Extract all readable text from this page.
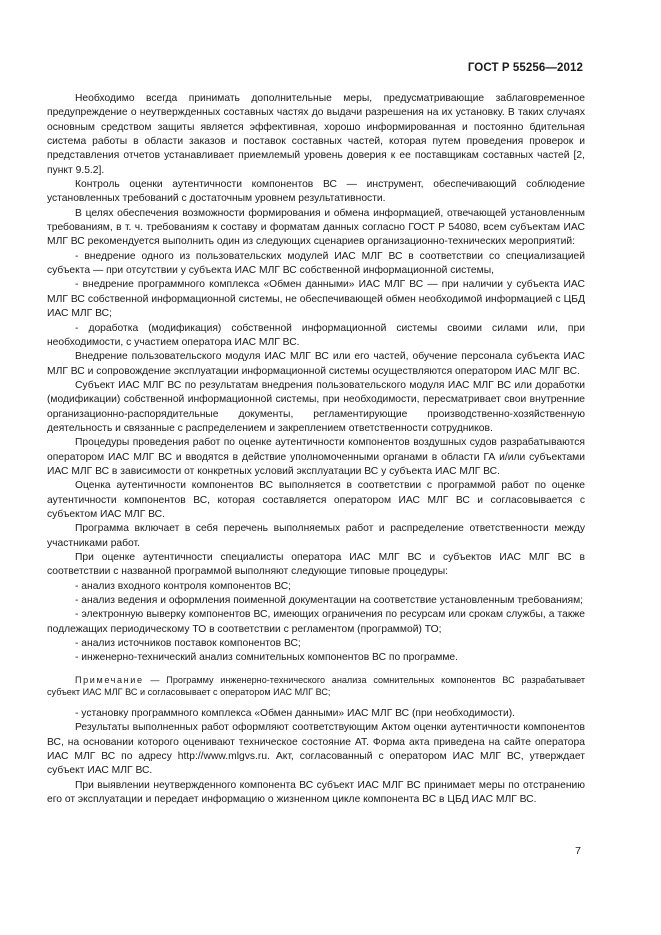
ГОСТ Р 55256—2012

Необходимо всегда принимать дополнительные меры, предусматривающие заблаговременное предупреждение о неутвержденных составных частях до выдачи разрешения на их установку. В таких случаях основным средством защиты является эффективная, хорошо информированная и постоянно бдительная система работы в области заказов и поставок составных частей, которая путем проведения проверок и представления отчетов устанавливает приемлемый уровень доверия к ее поставщикам составных частей [2, пункт 9.5.2].

Контроль оценки аутентичности компонентов ВС — инструмент, обеспечивающий соблюдение установленных требований с достаточным уровнем результативности.

В целях обеспечения возможности формирования и обмена информацией, отвечающей установленным требованиям, в т. ч. требованиям к составу и форматам данных согласно ГОСТ Р 54080, всем субъектам ИАС МЛГ ВС рекомендуется выполнить один из следующих сценариев организационно-технических мероприятий:

- внедрение одного из пользовательских модулей ИАС МЛГ ВС в соответствии со специализацией субъекта — при отсутствии у субъекта ИАС МЛГ ВС собственной информационной системы,

- внедрение программного комплекса «Обмен данными» ИАС МЛГ ВС — при наличии у субъекта ИАС МЛГ ВС собственной информационной системы, не обеспечивающей обмен необходимой информацией с ЦБД ИАС МЛГ ВС;

- доработка (модификация) собственной информационной системы своими силами или, при необходимости, с участием оператора ИАС МЛГ ВС.

Внедрение пользовательского модуля ИАС МЛГ ВС или его частей, обучение персонала субъекта ИАС МЛГ ВС и сопровождение эксплуатации информационной системы осуществляются оператором ИАС МЛГ ВС.

Субъект ИАС МЛГ ВС по результатам внедрения пользовательского модуля ИАС МЛГ ВС или доработки (модификации) собственной информационной системы, при необходимости, пересматривает свои внутренние организационно-распорядительные документы, регламентирующие производственно-хозяйственную деятельность и связанные с распределением и закреплением ответственности сотрудников.

Процедуры проведения работ по оценке аутентичности компонентов воздушных судов разрабатываются оператором ИАС МЛГ ВС и вводятся в действие уполномоченными органами в области ГА и/или субъектами ИАС МЛГ ВС в зависимости от конкретных условий эксплуатации ВС у субъекта ИАС МЛГ ВС.

Оценка аутентичности компонентов ВС выполняется в соответствии с программой работ по оценке аутентичности компонентов ВС, которая составляется оператором ИАС МЛГ ВС и согласовывается с субъектом ИАС МЛГ ВС.

Программа включает в себя перечень выполняемых работ и распределение ответственности между участниками работ.

При оценке аутентичности специалисты оператора ИАС МЛГ ВС и субъектов ИАС МЛГ ВС в соответствии с названной программой выполняют следующие типовые процедуры:

- анализ входного контроля компонентов ВС;

- анализ ведения и оформления поименной документации на соответствие установленным требованиям;

- электронную выверку компонентов ВС, имеющих ограничения по ресурсам или срокам службы, а также подлежащих периодическому ТО в соответствии с регламентом (программой) ТО;

- анализ источников поставок компонентов ВС;

- инженерно-технический анализ сомнительных компонентов ВС по программе.

Примечание — Программу инженерно-технического анализа сомнительных компонентов ВС разрабатывает субъект ИАС МЛГ ВС и согласовывает с оператором ИАС МЛГ ВС;

- установку программного комплекса «Обмен данными» ИАС МЛГ ВС (при необходимости).

Результаты выполненных работ оформляют соответствующим Актом оценки аутентичности компонентов ВС, на основании которого оценивают техническое состояние АТ. Форма акта приведена на сайте оператора ИАС МЛГ ВС по адресу http://www.mlgvs.ru. Акт, согласованный с оператором ИАС МЛГ ВС, утверждает субъект ИАС МЛГ ВС.

При выявлении неутвержденного компонента ВС субъект ИАС МЛГ ВС принимает меры по отстранению его от эксплуатации и передает информацию о жизненном цикле компонента ВС в ЦБД ИАС МЛГ ВС.

7
